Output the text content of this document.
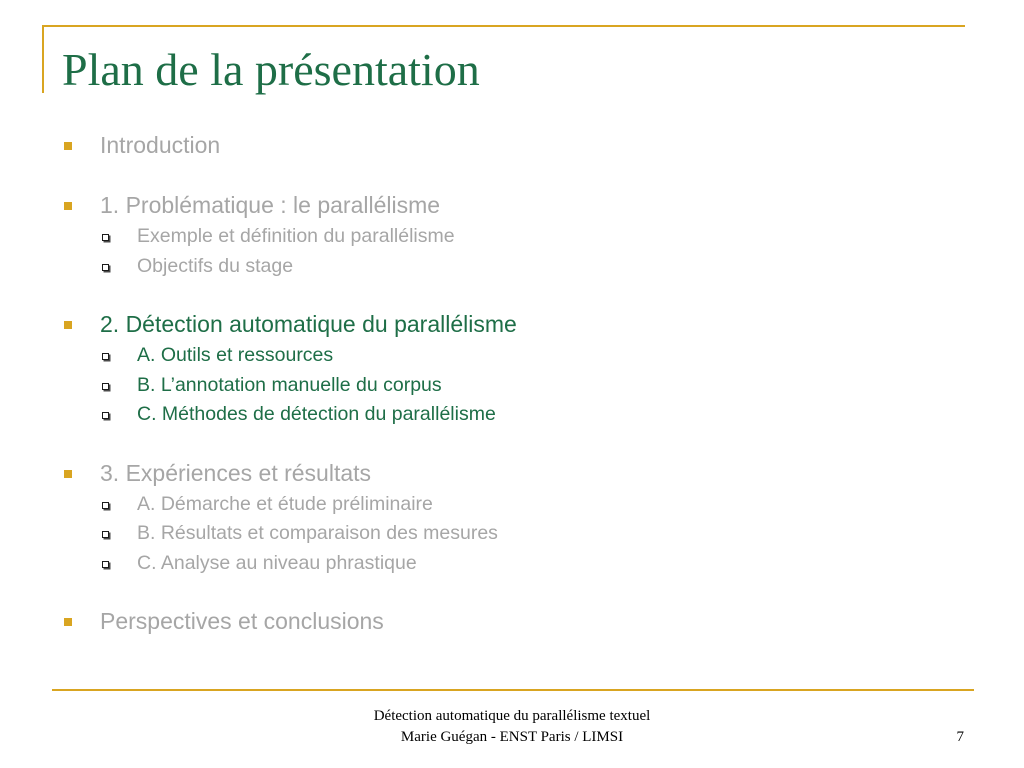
Plan de la présentation
Introduction
1. Problématique : le parallélisme
Exemple et définition du parallélisme
Objectifs du stage
2. Détection automatique du parallélisme
A. Outils et ressources
B. L’annotation manuelle du corpus
C. Méthodes de détection du parallélisme
3. Expériences et résultats
A. Démarche et étude préliminaire
B. Résultats et comparaison des mesures
C. Analyse au niveau phrastique
Perspectives et conclusions
Détection automatique du parallélisme textuel
Marie Guégan - ENST Paris / LIMSI	7
